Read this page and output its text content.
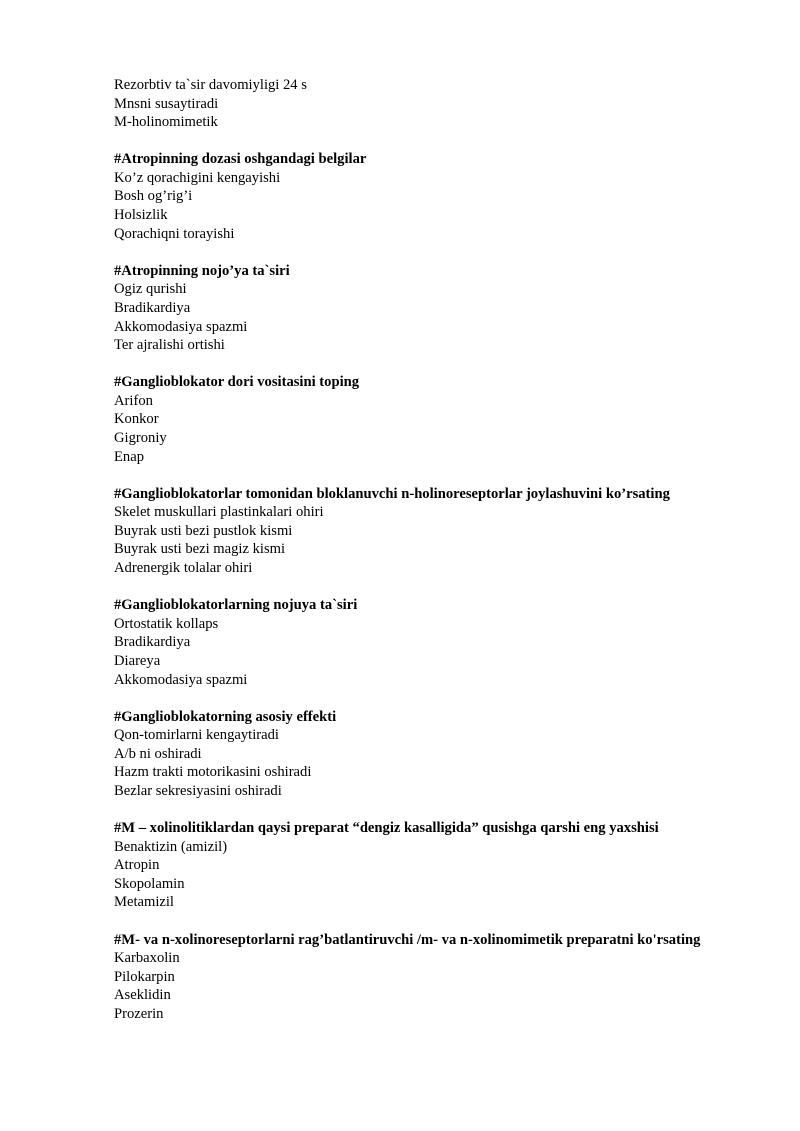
Rezorbtiv ta`sir davomiyligi 24 s
Mnsni susaytiradi
M-holinomimetik
#Atropinning dozasi oshgandagi belgilar
Ko’z qorachigini kengayishi
Bosh og’rig’i
Holsizlik
Qorachiqni torayishi
#Atropinning nojo’ya ta`siri
Ogiz qurishi
Bradikardiya
Akkomodasiya spazmi
Ter ajralishi ortishi
#Ganglioblokator dori vositasini toping
Arifon
Konkor
Gigroniy
Enap
#Ganglioblokatorlar tomonidan bloklanuvchi n-holinoreseptorlar joylashuvini ko’rsating
Skelet muskullari plastinkalari ohiri
Buyrak usti bezi pustlok kismi
Buyrak usti bezi magiz kismi
Adrenergik tolalar ohiri
#Ganglioblokatorlarning nojuya ta`siri
Ortostatik kollaps
Bradikardiya
Diareya
Akkomodasiya spazmi
#Ganglioblokatorning asosiy effekti
Qon-tomirlarni kengaytiradi
A/b ni oshiradi
Hazm trakti motorikasini oshiradi
Bezlar sekresiyasini oshiradi
#M – xolinolitiklardan qaysi preparat “dengiz kasalligida” qusishga qarshi eng yaxshisi
Benaktizin (amizil)
Atropin
Skopolamin
Metamizil
#M- va n-xolinoreseptorlarni rag’batlantiruvchi /m- va n-xolinomimetik preparatni ko'rsating
Karbaxolin
Pilokarpin
Aseklidin
Prozerin
